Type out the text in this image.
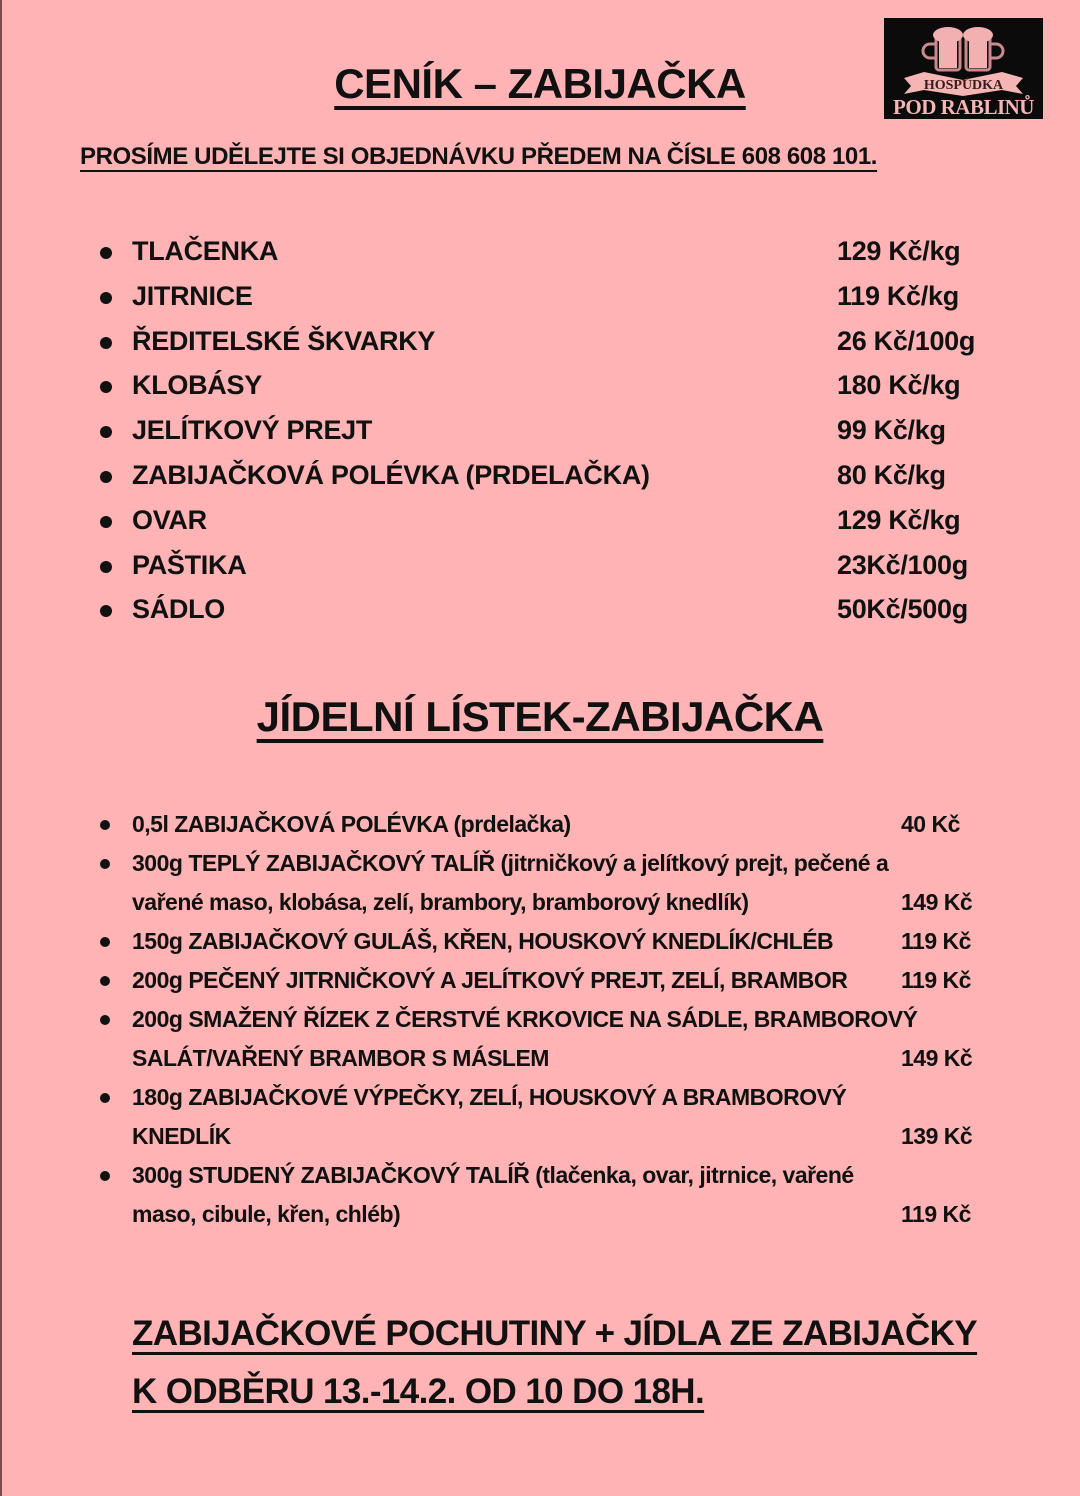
HOSPŮDKA
POD RABLINŮ
CENÍK – ZABIJAČKA
PROSÍME UDĚLEJTE SI OBJEDNÁVKU PŘEDEM NA ČÍSLE 608 608 101.
TLAČENKA	129 Kč/kg
JITRNICE	119 Kč/kg
ŘEDITELSKÉ ŠKVARKY	26 Kč/100g
KLOBÁSY	180 Kč/kg
JELÍTKOVÝ PREJT	99 Kč/kg
ZABIJAČKOVÁ POLÉVKA (PRDELAČKA)	80 Kč/kg
OVAR	129 Kč/kg
PAŠTIKA	23Kč/100g
SÁDLO	50Kč/500g
JÍDELNÍ LÍSTEK-ZABIJAČKA
0,5l ZABIJAČKOVÁ POLÉVKA (prdelačka)	40 Kč
300g TEPLÝ ZABIJAČKOVÝ TALÍŘ (jitrničkový a jelítkový prejt, pečené a
vařené maso, klobása, zelí, brambory, bramborový knedlík)	149 Kč
150g ZABIJAČKOVÝ GULÁŠ, KŘEN, HOUSKOVÝ KNEDLÍK/CHLÉB	119 Kč
200g PEČENÝ JITRNIČKOVÝ A JELÍTKOVÝ PREJT, ZELÍ, BRAMBOR 119 Kč
200g SMAŽENÝ ŘÍZEK Z ČERSTVÉ KRKOVICE NA SÁDLE, BRAMBOROVÝ
SALÁT/VAŘENÝ BRAMBOR S MÁSLEM	149 Kč
180g ZABIJAČKOVÉ VÝPEČKY, ZELÍ, HOUSKOVÝ A BRAMBOROVÝ
KNEDLÍK	139 Kč
300g STUDENÝ ZABIJAČKOVÝ TALÍŘ (tlačenka, ovar, jitrnice, vařené
maso, cibule, křen, chléb)	119 Kč
ZABIJAČKOVÉ POCHUTINY + JÍDLA ZE ZABIJAČKY
K ODBĚRU 13.-14.2. OD 10 DO 18H.
